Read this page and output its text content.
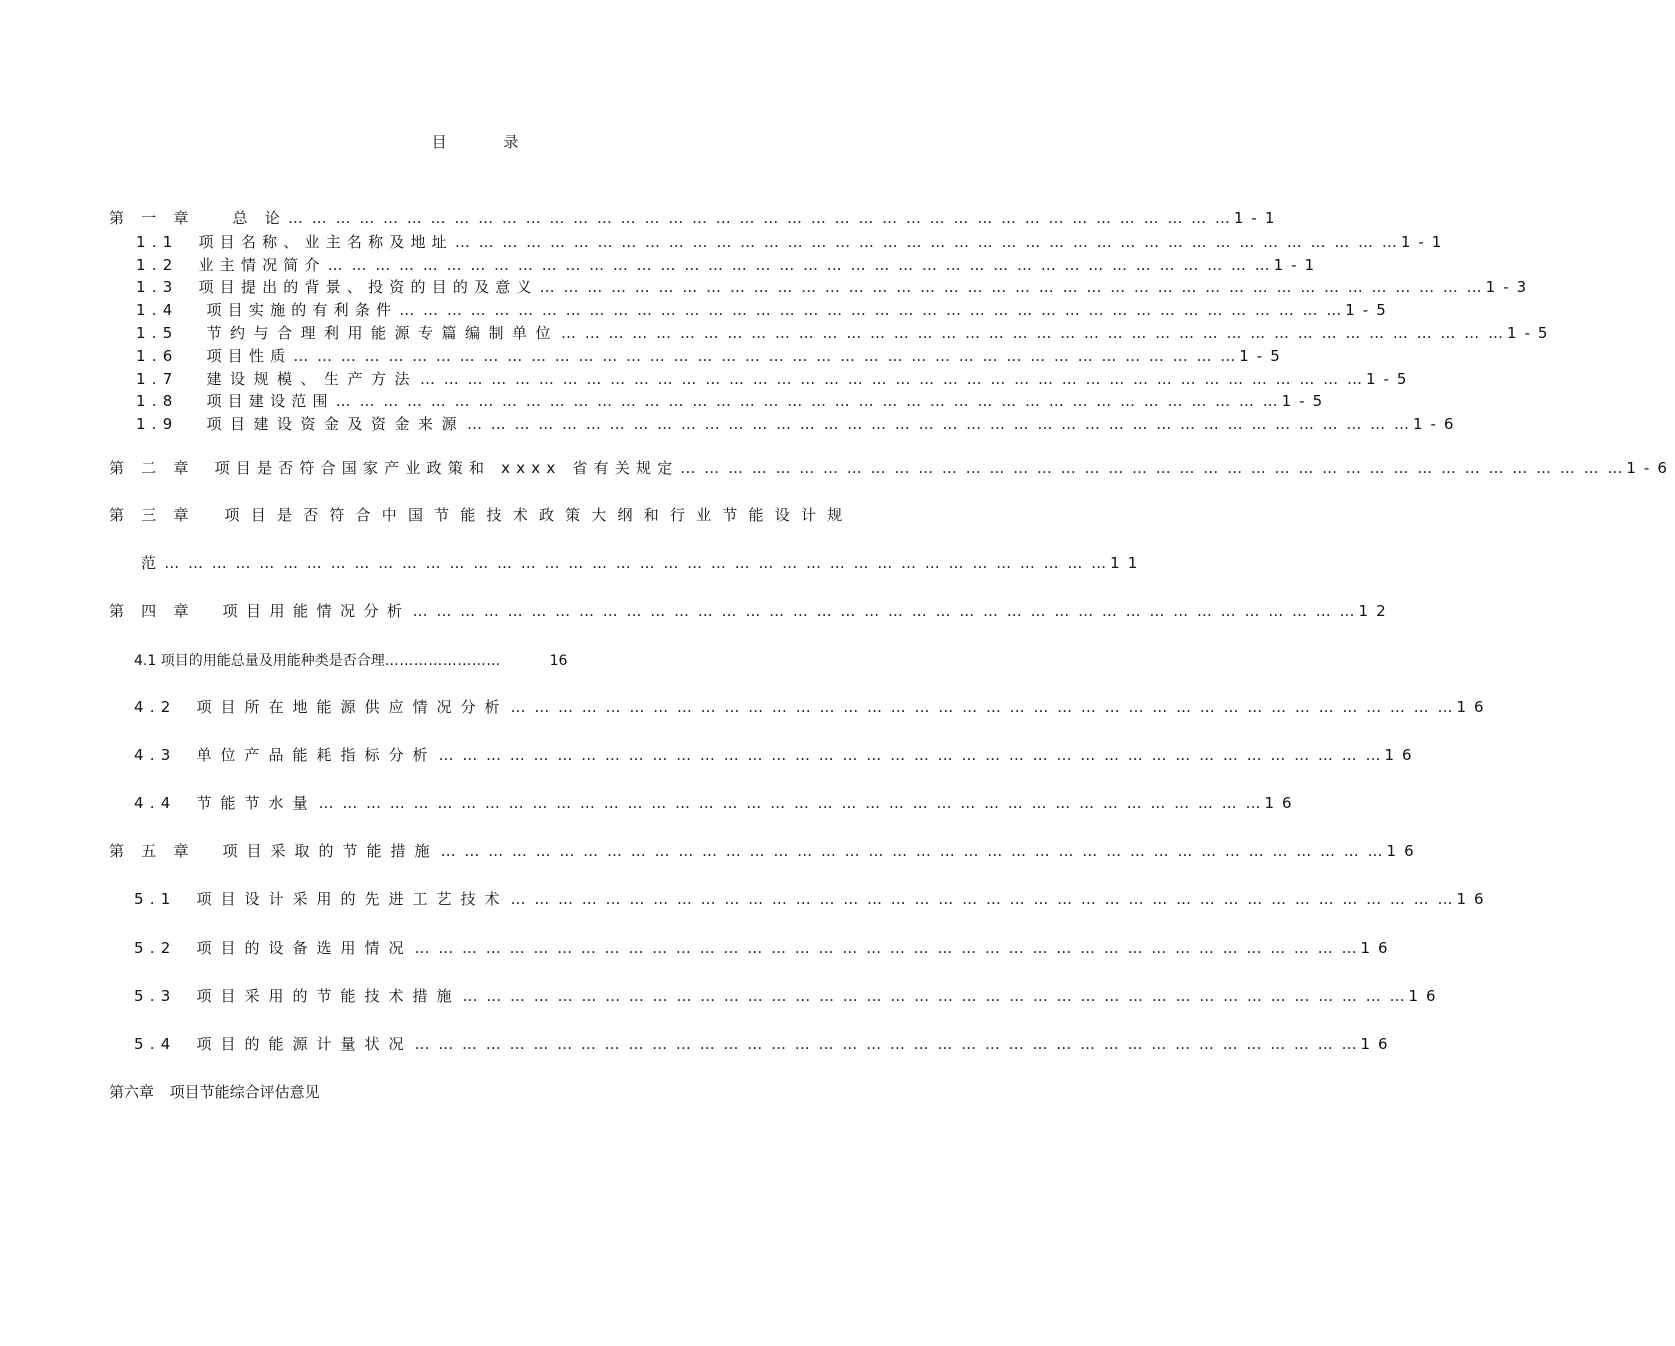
目 录
第 一 章	总 论 … … … … … … … … … … … … … … … … … … … … … … … … … … … … … … … … … … … … … … … … 1-1
1.1 项目名称、业主名称及地址 … … … … … … … … … … … … … … … … … … … … … … … … … … … … … … … … … … … … … … … … 1-1
1.2 业主情况简介 … … … … … … … … … … … … … … … … … … … … … … … … … … … … … … … … … … … … … … … … 1-1
1.3 项目提出的背景、投资的目的及意义 … … … … … … … … … … … … … … … … … … … … … … … … … … … … … … … … … … … … … … … … 1-3
1.4 项目实施的有利条件 … … … … … … … … … … … … … … … … … … … … … … … … … … … … … … … … … … … … … … … … 1-5
1.5 节约与合理利用能源专篇编制单位 … … … … … … … … … … … … … … … … … … … … … … … … … … … … … … … … … … … … … … … … 1-5
1.6 项目性质 … … … … … … … … … … … … … … … … … … … … … … … … … … … … … … … … … … … … … … … … 1-5
1.7 建设规模、生产方法 … … … … … … … … … … … … … … … … … … … … … … … … … … … … … … … … … … … … … … … … 1-5
1.8 项目建设范围 … … … … … … … … … … … … … … … … … … … … … … … … … … … … … … … … … … … … … … … … 1-5
1.9 项目建设资金及资金来源 … … … … … … … … … … … … … … … … … … … … … … … … … … … … … … … … … … … … … … … … 1-6
第 二 章 项目是否符合国家产业政策和 xxxx 省有关规定 … … … … … … … … … … … … … … … … … … … … … … … … … … … … … … … … … … … … … … … … 1-6
第 三 章 项目是否符合中国节能技术政策大纲和行业节能设计规
范 … … … … … … … … … … … … … … … … … … … … … … … … … … … … … … … … … … … … … … … … 11
第 四 章 项目用能情况分析 … … … … … … … … … … … … … … … … … … … … … … … … … … … … … … … … … … … … … … … … 12
4.1 项目的用能总量及用能种类是否合理……………………	16
4.2 项目所在地能源供应情况分析 … … … … … … … … … … … … … … … … … … … … … … … … … … … … … … … … … … … … … … … … 16
4.3 单位产品能耗指标分析 … … … … … … … … … … … … … … … … … … … … … … … … … … … … … … … … … … … … … … … … 16
4.4 节能节水量 … … … … … … … … … … … … … … … … … … … … … … … … … … … … … … … … … … … … … … … … 16
第 五 章 项目采取的节能措施 … … … … … … … … … … … … … … … … … … … … … … … … … … … … … … … … … … … … … … … … 16
5.1 项目设计采用的先进工艺技术 … … … … … … … … … … … … … … … … … … … … … … … … … … … … … … … … … … … … … … … … 16
5.2 项目的设备选用情况 … … … … … … … … … … … … … … … … … … … … … … … … … … … … … … … … … … … … … … … … 16
5.3 项目采用的节能技术措施 … … … … … … … … … … … … … … … … … … … … … … … … … … … … … … … … … … … … … … … … 16
5.4 项目的能源计量状况 … … … … … … … … … … … … … … … … … … … … … … … … … … … … … … … … … … … … … … … … 16
第六章 项目节能综合评估意见
